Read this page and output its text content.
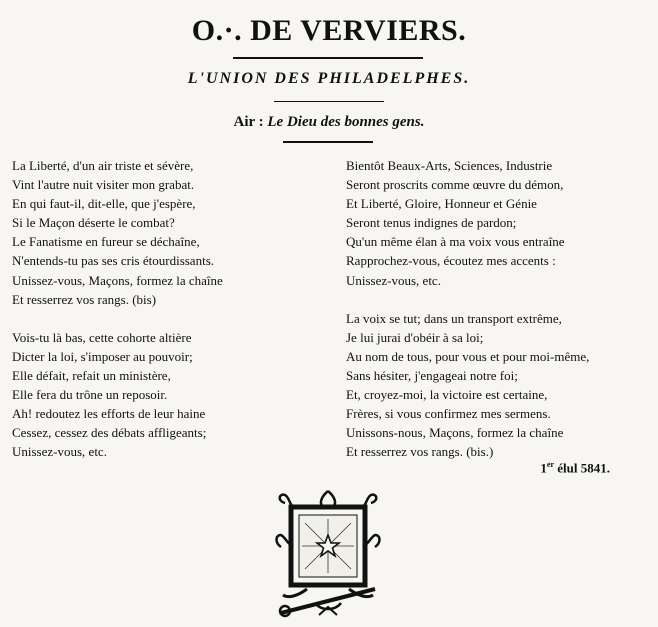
O.·. DE VERVIERS.
L'UNION DES PHILADELPHES.
Air : Le Dieu des bonnes gens.
La Liberté, d'un air triste et sévère,
Vint l'autre nuit visiter mon grabat.
En qui faut-il, dit-elle, que j'espère,
Si le Maçon déserte le combat?
Le Fanatisme en fureur se déchaîne,
N'entends-tu pas ses cris étourdissants.
Unissez-vous, Maçons, formez la chaîne
Et resserrez vos rangs. (bis)
Vois-tu là bas, cette cohorte altière
Dicter la loi, s'imposer au pouvoir;
Elle défait, refait un ministère,
Elle fera du trône un reposoir.
Ah! redoutez les efforts de leur haine
Cessez, cessez des débats affligeants;
Unissez-vous, etc.
Bientôt Beaux-Arts, Sciences, Industrie
Seront proscrits comme œuvre du démon,
Et Liberté, Gloire, Honneur et Génie
Seront tenus indignes de pardon;
Qu'un même élan à ma voix vous entraîne
Rapprochez-vous, écoutez mes accents :
Unissez-vous, etc.
La voix se tut; dans un transport extrême,
Je lui jurai d'obéir à sa loi;
Au nom de tous, pour vous et pour moi-même,
Sans hésiter, j'engageai notre foi;
Et, croyez-moi, la victoire est certaine,
Frères, si vous confirmez mes sermens.
Unissons-nous, Maçons, formez la chaîne
Et resserrez vos rangs. (bis.)
1er élul 5841.
